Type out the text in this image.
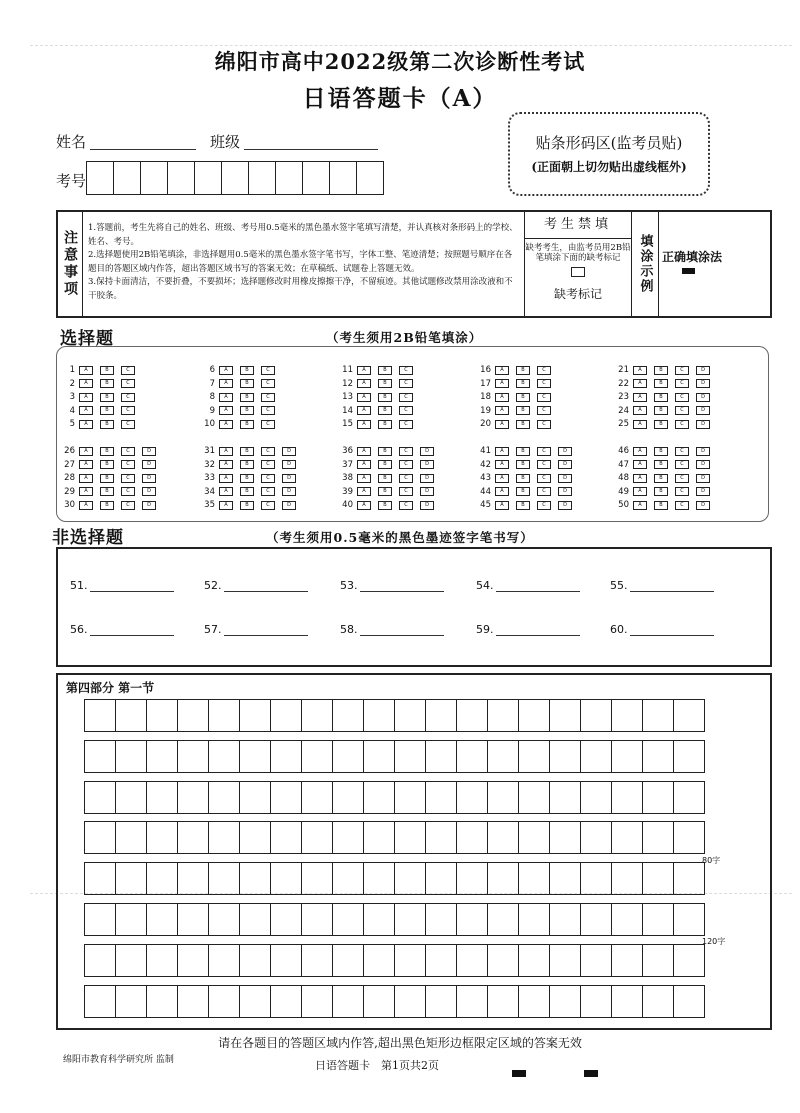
绵阳市高中2022级第二次诊断性考试
日语答题卡（A）
姓名	班级
考号
贴条形码区(监考员贴)
(正面朝上切勿贴出虚线框外)
注意事项
1.答题前，考生先将自己的姓名、班级、考号用0.5毫米的黑色墨水签字笔填写清楚，并认真核对条形码上的学校、姓名、考号。
2.选择题使用2B铅笔填涂，非选择题用0.5毫米的黑色墨水签字笔书写，字体工整、笔迹清楚；按照题号顺序在各题目的答题区域内作答，超出答题区域书写的答案无效；在草稿纸、试题卷上答题无效。
3.保持卡面清洁，不要折叠，不要损坏；选择题修改时用橡皮擦擦干净，不留痕迹。其他试题修改禁用涂改液和不干胶条。
考生禁填
缺考考生，由监考员用2B铅笔填涂下面的缺考标记
缺考标记	填涂示例 正确填涂法
选择题	（考生须用2B铅笔填涂）
1	A	B	C
2	A	B	C
3	A	B	C
4	A	B	C
5	A	B	C
6	A	B	C
7	A	B	C
8	A	B	C
9	A	B	C
10	A	B	C
11	A	B	C
12	A	B	C
13	A	B	C
14	A	B	C
15	A	B	C
16	A	B	C
17	A	B	C
18	A	B	C
19	A	B	C
20	A	B	C
21	A	B	C	D
22	A	B	C	D
23	A	B	C	D
24	A	B	C	D
25	A	B	C	D
26	A	B	C	D
27	A	B	C	D
28	A	B	C	D
29	A	B	C	D
30	A	B	C	D
31	A	B	C	D
32	A	B	C	D
33	A	B	C	D
34	A	B	C	D
35	A	B	C	D
36	A	B	C	D
37	A	B	C	D
38	A	B	C	D
39	A	B	C	D
40	A	B	C	D
41	A	B	C	D
42	A	B	C	D
43	A	B	C	D
44	A	B	C	D
45	A	B	C	D
46	A	B	C	D
47	A	B	C	D
48	A	B	C	D
49	A	B	C	D
50	A	B	C	D
非选择题	（考生须用0.5毫米的黑色墨迹签字笔书写）
51.	52.	53.	54.	55.
56.	57.	58.	59.	60.
第四部分 第一节
80字
120字
请在各题目的答题区域内作答,超出黑色矩形边框限定区域的答案无效
绵阳市教育科学研究所 监制	日语答题卡　第1页共2页
